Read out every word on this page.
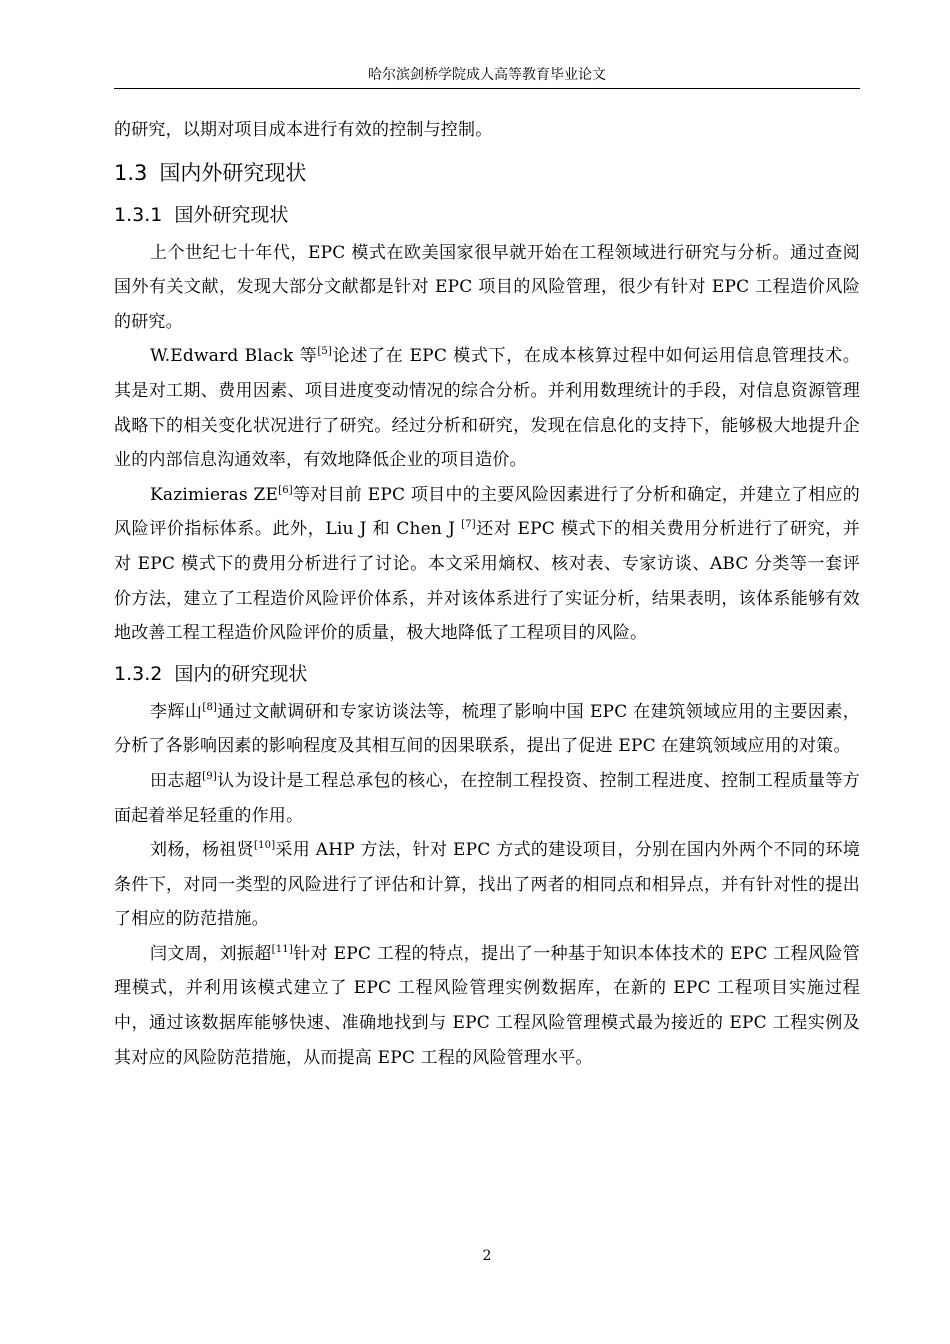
哈尔滨剑桥学院成人高等教育毕业论文

的研究，以期对项目成本进行有效的控制与控制。

1.3 国内外研究现状
1.3.1 国外研究现状

上个世纪七十年代，EPC 模式在欧美国家很早就开始在工程领域进行研究与分析。通过查阅国外有关文献，发现大部分文献都是针对 EPC 项目的风险管理，很少有针对 EPC 工程造价风险的研究。

W.Edward Black 等[5]论述了在 EPC 模式下，在成本核算过程中如何运用信息管理技术。其是对工期、费用因素、项目进度变动情况的综合分析。并利用数理统计的手段，对信息资源管理战略下的相关变化状况进行了研究。经过分析和研究，发现在信息化的支持下，能够极大地提升企业的内部信息沟通效率，有效地降低企业的项目造价。

Kazimieras ZE[6]等对目前 EPC 项目中的主要风险因素进行了分析和确定，并建立了相应的风险评价指标体系。此外，Liu J 和 Chen J [7]还对 EPC 模式下的相关费用分析进行了研究，并对 EPC 模式下的费用分析进行了讨论。本文采用熵权、核对表、专家访谈、ABC 分类等一套评价方法，建立了工程造价风险评价体系，并对该体系进行了实证分析，结果表明，该体系能够有效地改善工程工程造价风险评价的质量，极大地降低了工程项目的风险。

1.3.2 国内的研究现状

李辉山[8]通过文献调研和专家访谈法等，梳理了影响中国 EPC 在建筑领域应用的主要因素，分析了各影响因素的影响程度及其相互间的因果联系，提出了促进 EPC 在建筑领域应用的对策。

田志超[9]认为设计是工程总承包的核心，在控制工程投资、控制工程进度、控制工程质量等方面起着举足轻重的作用。

刘杨，杨祖贤[10]采用 AHP 方法，针对 EPC 方式的建设项目，分别在国内外两个不同的环境条件下，对同一类型的风险进行了评估和计算，找出了两者的相同点和相异点，并有针对性的提出了相应的防范措施。

闫文周，刘振超[11]针对 EPC 工程的特点，提出了一种基于知识本体技术的 EPC 工程风险管理模式，并利用该模式建立了 EPC 工程风险管理实例数据库，在新的 EPC 工程项目实施过程中，通过该数据库能够快速、准确地找到与 EPC 工程风险管理模式最为接近的 EPC 工程实例及其对应的风险防范措施，从而提高 EPC 工程的风险管理水平。

2
